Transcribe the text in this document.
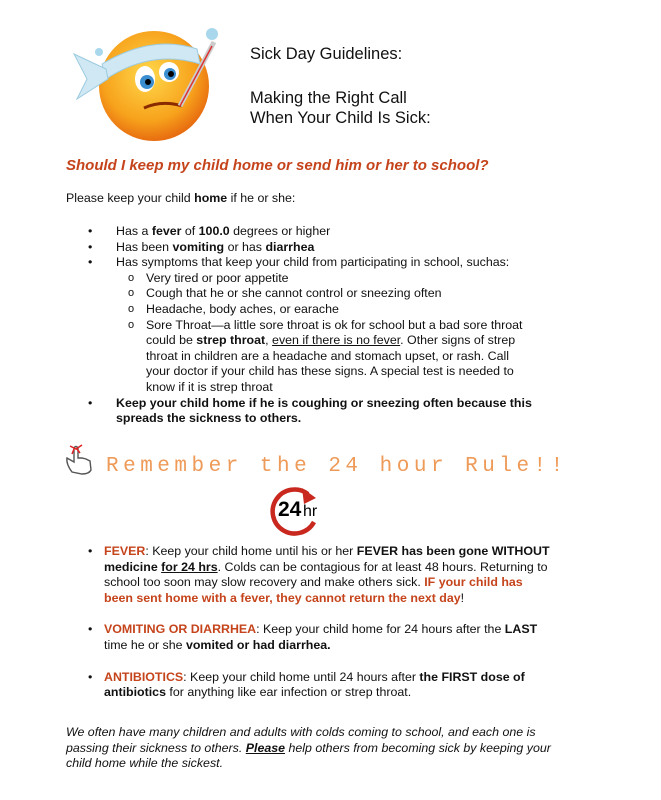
Sick Day Guidelines:
Making the Right Call
When Your Child Is Sick:
Should I keep my child home or send him or her to school?
Please keep your child home if he or she:
• Has a fever of 100.0 degrees or higher
• Has been vomiting or has diarrhea
• Has symptoms that keep your child from participating in school, suchas:
o Very tired or poor appetite
o Cough that he or she cannot control or sneezing often
o Headache, body aches, or earache
o Sore Throat—a little sore throat is ok for school but a bad sore throat could be strep throat, even if there is no fever. Other signs of strep throat in children are a headache and stomach upset, or rash. Call your doctor if your child has these signs. A special test is needed to know if it is strep throat
• Keep your child home if he is coughing or sneezing often because this spreads the sickness to others.
Remember the 24 hour Rule!!
24 hr
• FEVER: Keep your child home until his or her FEVER has been gone WITHOUT medicine for 24 hrs. Colds can be contagious for at least 48 hours. Returning to school too soon may slow recovery and make others sick. IF your child has been sent home with a fever, they cannot return the next day!
• VOMITING OR DIARRHEA: Keep your child home for 24 hours after the LAST time he or she vomited or had diarrhea.
• ANTIBIOTICS: Keep your child home until 24 hours after the FIRST dose of antibiotics for anything like ear infection or strep throat.
We often have many children and adults with colds coming to school, and each one is passing their sickness to others. Please help others from becoming sick by keeping your child home while the sickest.
